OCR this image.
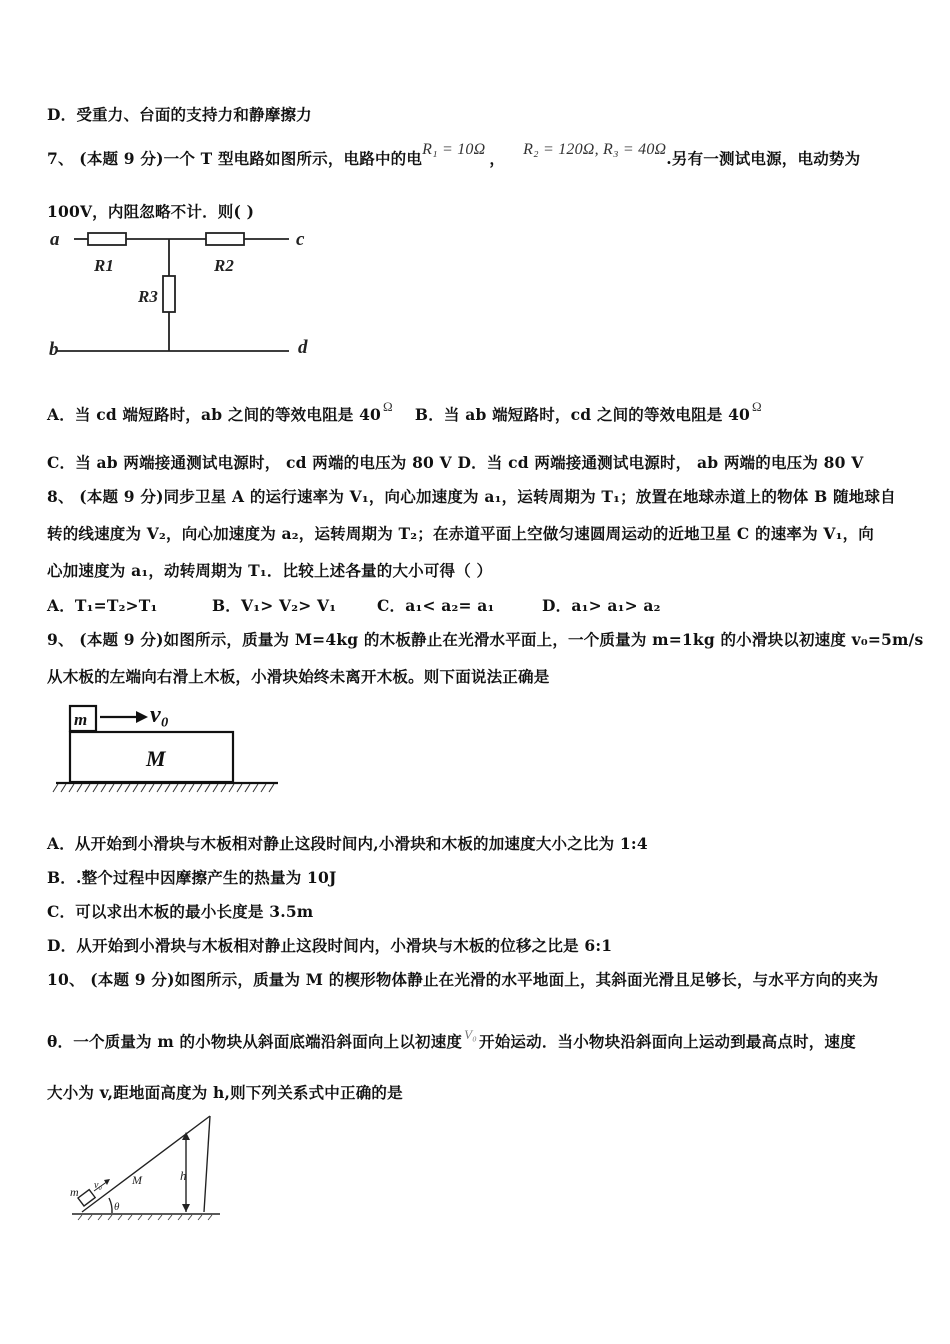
D．受重力、台面的支持力和静摩擦力
7、 (本题 9 分)一个 T 型电路如图所示，电路中的电R₁ = 10Ω ， R₂ = 120Ω, R₃ = 40Ω.另有一测试电源，电动势为
100V，内阻忽略不计．则( )
a
b
c
d
R1	R2
R3
A．当 cd 端短路时，ab 之间的等效电阻是 40 $^\Omega$ B．当 ab 端短路时，cd 之间的等效电阻是 40 $^\Omega$
C．当 ab 两端接通测试电源时， cd 两端的电压为 80 V D．当 cd 两端接通测试电源时， ab 两端的电压为 80 V
8、 (本题 9 分)同步卫星 A 的运行速率为 V₁，向心加速度为 a₁，运转周期为 T₁；放置在地球赤道上的物体 B 随地球自
转的线速度为 V₂，向心加速度为 a₂，运转周期为 T₂；在赤道平面上空做匀速圆周运动的近地卫星 C 的速率为 V₁，向
心加速度为 a₁，动转周期为 T₁．比较上述各量的大小可得（ ）
A．T₁=T₂>T₁	B．V₁> V₂> V₁	C．a₁< a₂= a₁	D．a₁> a₁> a₂
9、 (本题 9 分)如图所示，质量为 M=4kg 的木板静止在光滑水平面上，一个质量为 m=1kg 的小滑块以初速度 v₀=5m/s
从木板的左端向右滑上木板，小滑块始终未离开木板。则下面说法正确是
m	v₀
M
A．从开始到小滑块与木板相对静止这段时间内,小滑块和木板的加速度大小之比为 1:4
B．.整个过程中因摩擦产生的热量为 10J
C．可以求出木板的最小长度是 3.5m
D．从开始到小滑块与木板相对静止这段时间内，小滑块与木板的位移之比是 6:1
10、 (本题 9 分)如图所示，质量为 M 的楔形物体静止在光滑的水平地面上，其斜面光滑且足够长，与水平方向的夹为
θ．一个质量为 m 的小物块从斜面底端沿斜面向上以初速度 $^{V_0}$ 开始运动．当小物块沿斜面向上运动到最高点时，速度
大小为 v,距地面高度为 h,则下列关系式中正确的是
m v₀	M	h
θ
